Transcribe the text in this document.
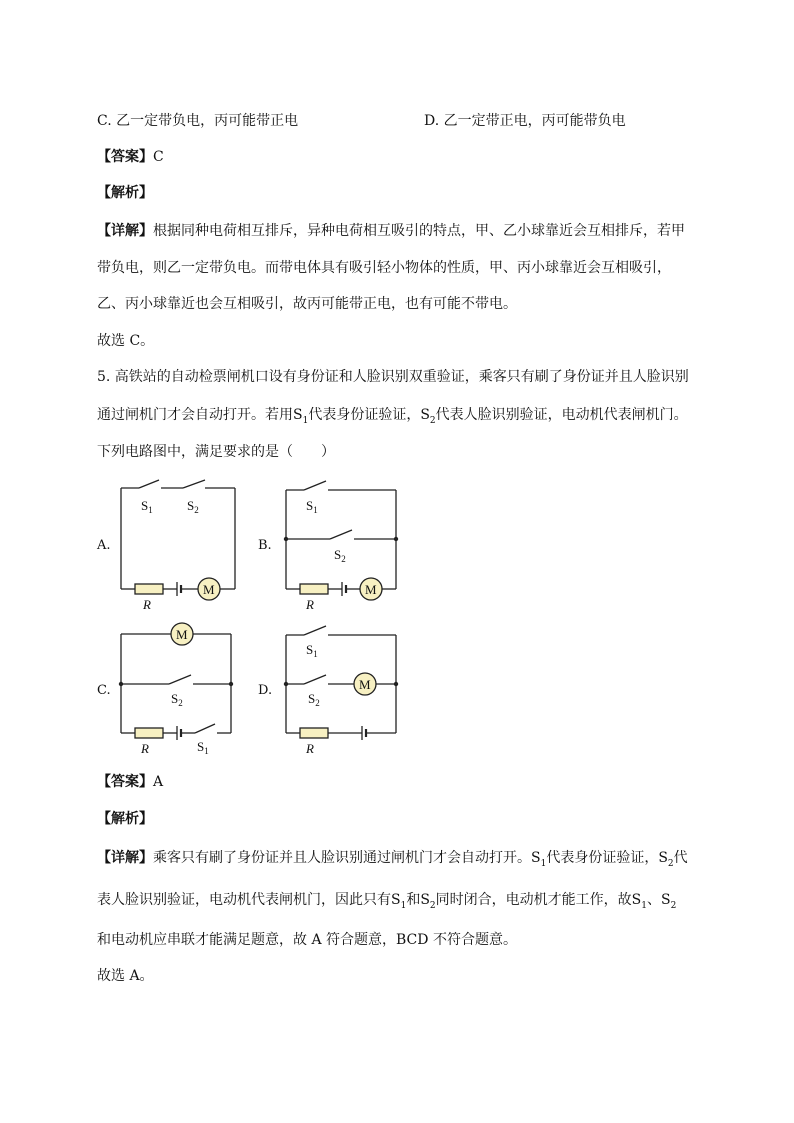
C. 乙一定带负电，丙可能带正电	D. 乙一定带正电，丙可能带负电
【答案】C
【解析】
【详解】根据同种电荷相互排斥，异种电荷相互吸引的特点，甲、乙小球靠近会互相排斥，若甲
带负电，则乙一定带负电。而带电体具有吸引轻小物体的性质，甲、丙小球靠近会互相吸引，
乙、丙小球靠近也会互相吸引，故丙可能带正电，也有可能不带电。
故选 C。
5. 高铁站的自动检票闸机口设有身份证和人脸识别双重验证，乘客只有刷了身份证并且人脸识别
通过闸机门才会自动打开。若用$S_1$代表身份证验证，$S_2$代表人脸识别验证，电动机代表闸机门。
下列电路图中，满足要求的是（　　）
A.	B.
C.	D.
$S_1$	$S_2$
R
M
$S_1$
$S_2$
R
M
M
$S_2$
R	$S_1$
$S_1$
$S_2$
M
R
【答案】A
【解析】
【详解】乘客只有刷了身份证并且人脸识别通过闸机门才会自动打开。$S_1$代表身份证验证，$S_2$代
表人脸识别验证，电动机代表闸机门，因此只有$S_1$和$S_2$同时闭合，电动机才能工作，故$S_1$、$S_2$
和电动机应串联才能满足题意，故 A 符合题意，BCD 不符合题意。
故选 A。
